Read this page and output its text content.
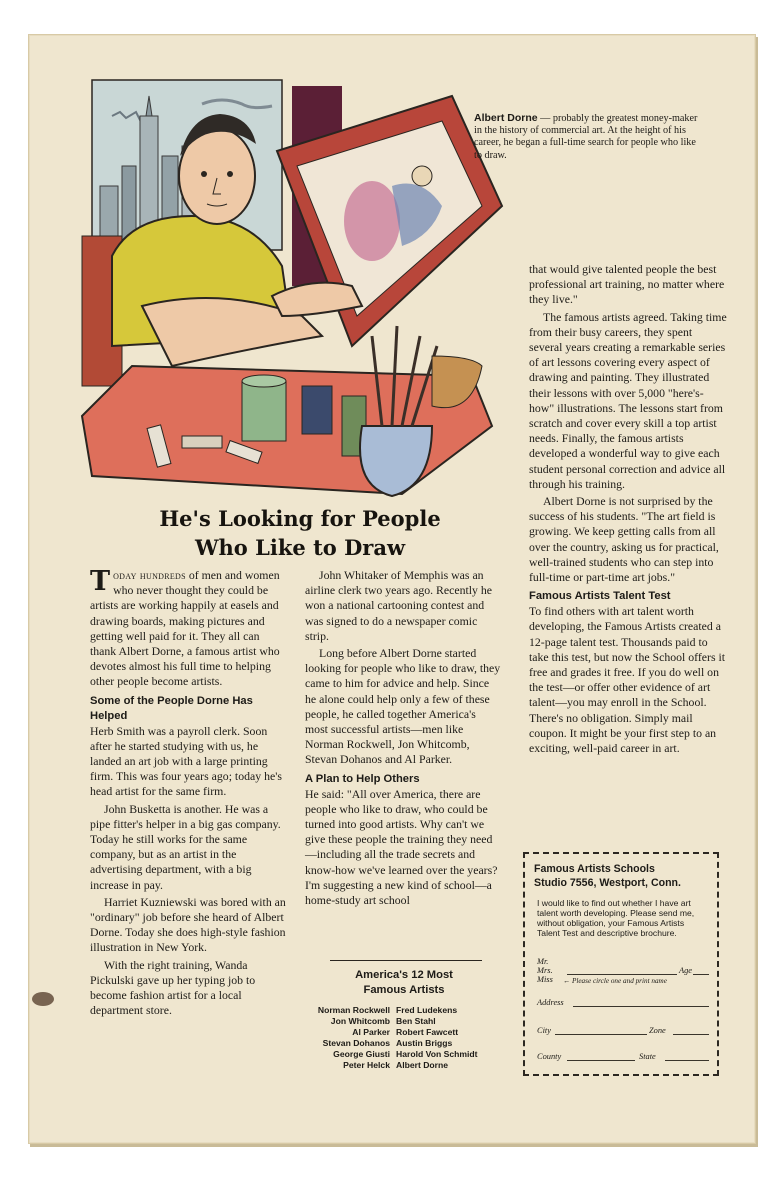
Albert Dorne — probably the greatest money-maker in the history of commercial art. At the height of his career, he began a full-time search for people who like to draw.
He's Looking for People
Who Like to Draw

Today hundreds of men and women who never thought they could be artists are working happily at easels and drawing boards, making pictures and getting well paid for it. They all can thank Albert Dorne, a famous artist who devotes almost his full time to helping other people become artists.

Some of the People Dorne Has Helped

Herb Smith was a payroll clerk. Soon after he started studying with us, he landed an art job with a large printing firm. This was four years ago; today he's head artist for the same firm.

John Busketta is another. He was a pipe fitter's helper in a big gas company. Today he still works for the same company, but as an artist in the advertising department, with a big increase in pay.

Harriet Kuzniewski was bored with an "ordinary" job before she heard of Albert Dorne. Today she does high-style fashion illustration in New York.

With the right training, Wanda Pickulski gave up her typing job to become fashion artist for a local department store.

John Whitaker of Memphis was an airline clerk two years ago. Recently he won a national cartooning contest and was signed to do a newspaper comic strip.

Long before Albert Dorne started looking for people who like to draw, they came to him for advice and help. Since he alone could help only a few of these people, he called together America's most successful artists—men like Norman Rockwell, Jon Whitcomb, Stevan Dohanos and Al Parker.

A Plan to Help Others

He said: "All over America, there are people who like to draw, who could be turned into good artists. Why can't we give these people the training they need—including all the trade secrets and know-how we've learned over the years? I'm suggesting a new kind of school—a home-study art school

America's 12 Most
Famous Artists
Norman Rockwell Fred Ludekens
Jon Whitcomb Ben Stahl
Al Parker Robert Fawcett
Stevan Dohanos Austin Briggs
George Giusti Harold Von Schmidt
Peter Helck Albert Dorne

that would give talented people the best professional art training, no matter where they live."

The famous artists agreed. Taking time from their busy careers, they spent several years creating a remarkable series of art lessons covering every aspect of drawing and painting. They illustrated their lessons with over 5,000 "here's-how" illustrations. The lessons start from scratch and cover every skill a top artist needs. Finally, the famous artists developed a wonderful way to give each student personal correction and advice all through his training.

Albert Dorne is not surprised by the success of his students. "The art field is growing. We keep getting calls from all over the country, asking us for practical, well-trained students who can step into full-time or part-time art jobs."

Famous Artists Talent Test

To find others with art talent worth developing, the Famous Artists created a 12-page talent test. Thousands paid to take this test, but now the School offers it free and grades it free. If you do well on the test—or offer other evidence of art talent—you may enroll in the School. There's no obligation. Simply mail coupon. It might be your first step to an exciting, well-paid career in art.

Famous Artists Schools
Studio 7556, Westport, Conn.
I would like to find out whether I have art talent worth developing. Please send me, without obligation, your Famous Artists Talent Test and descriptive brochure.
Mr.
Mrs.
Miss
Age
← Please circle one and print name
Address
City	Zone
County	State
